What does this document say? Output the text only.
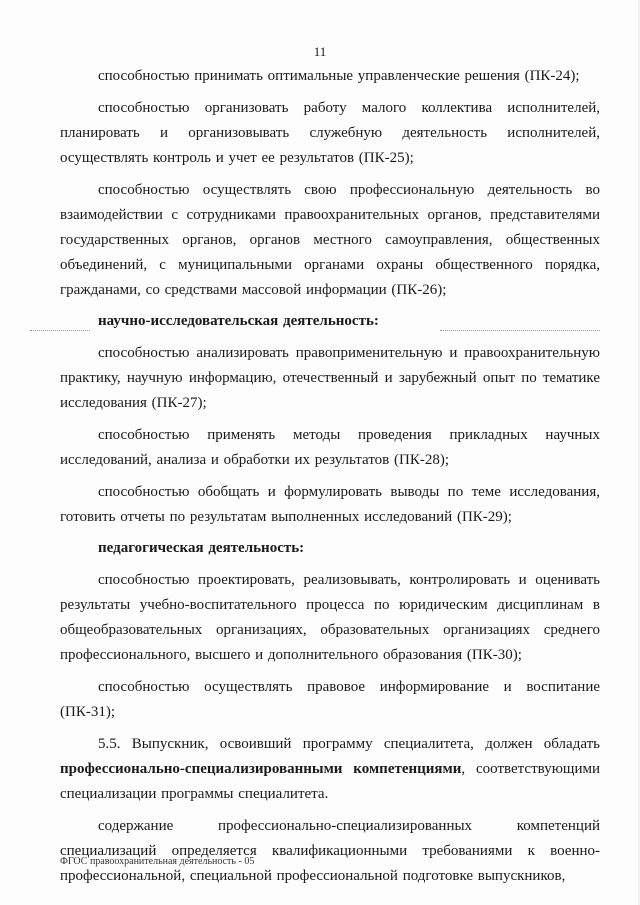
11

способностью принимать оптимальные управленческие решения (ПК-24);

способностью организовать работу малого коллектива исполнителей, планировать и организовывать служебную деятельность исполнителей, осуществлять контроль и учет ее результатов (ПК-25);

способностью осуществлять свою профессиональную деятельность во взаимодействии с сотрудниками правоохранительных органов, представителями государственных органов, органов местного самоуправления, общественных объединений, с муниципальными органами охраны общественного порядка, гражданами, со средствами массовой информации (ПК-26);

научно-исследовательская деятельность:

способностью анализировать правоприменительную и правоохранительную практику, научную информацию, отечественный и зарубежный опыт по тематике исследования (ПК-27);

способностью применять методы проведения прикладных научных исследований, анализа и обработки их результатов (ПК-28);

способностью обобщать и формулировать выводы по теме исследования, готовить отчеты по результатам выполненных исследований (ПК-29);

педагогическая деятельность:

способностью проектировать, реализовывать, контролировать и оценивать результаты учебно-воспитательного процесса по юридическим дисциплинам в общеобразовательных организациях, образовательных организациях среднего профессионального, высшего и дополнительного образования (ПК-30);

способностью осуществлять правовое информирование и воспитание (ПК-31);

5.5. Выпускник, освоивший программу специалитета, должен обладать профессионально-специализированными компетенциями, соответствующими специализации программы специалитета.

содержание профессионально-специализированных компетенций специализаций определяется квалификационными требованиями к военно-профессиональной, специальной профессиональной подготовке выпускников,

ФГОС правоохранительная деятельность - 05
